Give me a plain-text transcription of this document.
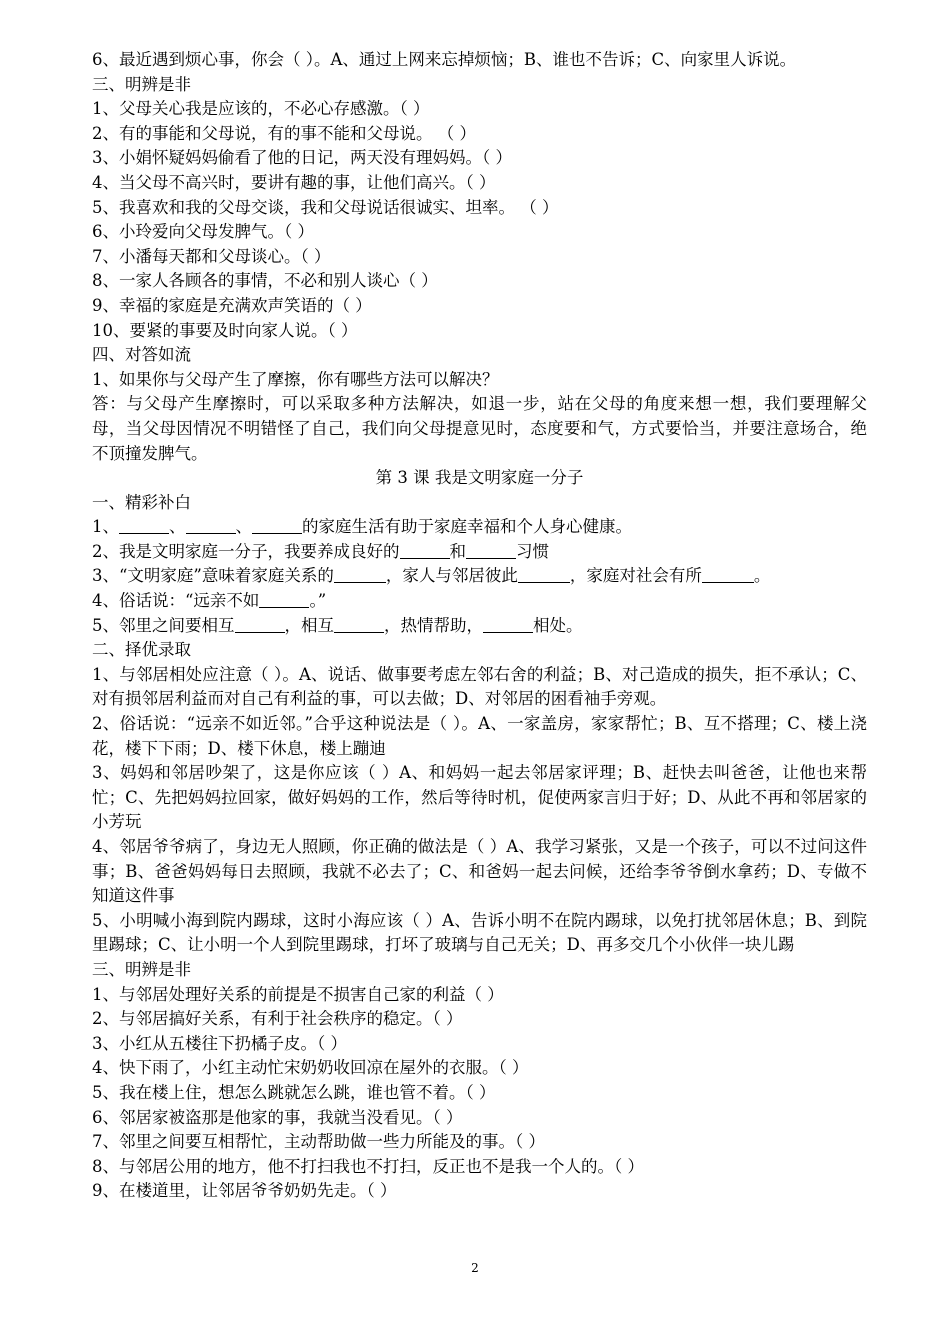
6、最近遇到烦心事，你会（ ）。A、通过上网来忘掉烦恼；B、谁也不告诉；C、向家里人诉说。
三、明辨是非
1、父母关心我是应该的，不必心存感激。（ ）
2、有的事能和父母说，有的事不能和父母说。 （ ）
3、小娟怀疑妈妈偷看了他的日记，两天没有理妈妈。（ ）
4、当父母不高兴时，要讲有趣的事，让他们高兴。（ ）
5、我喜欢和我的父母交谈，我和父母说话很诚实、坦率。 （ ）
6、小玲爱向父母发脾气。（ ）
7、小潘每天都和父母谈心。（ ）
8、一家人各顾各的事情，不必和别人谈心（ ）
9、幸福的家庭是充满欢声笑语的（ ）
10、要紧的事要及时向家人说。（ ）
四、对答如流
1、如果你与父母产生了摩擦，你有哪些方法可以解决？
答：与父母产生摩擦时，可以采取多种方法解决，如退一步，站在父母的角度来想一想，我们要理解父母，当父母因情况不明错怪了自己，我们向父母提意见时，态度要和气，方式要恰当，并要注意场合，绝不顶撞发脾气。
第 3 课 我是文明家庭一分子
一、精彩补白
1、	、	、	的家庭生活有助于家庭幸福和个人身心健康。
2、我是文明家庭一分子，我要养成良好的	和	习惯
3、“文明家庭”意味着家庭关系的	，家人与邻居彼此	，家庭对社会有所	。
4、俗话说：“远亲不如	。”
5、邻里之间要相互	，相互	，热情帮助，	相处。
二、择优录取
1、与邻居相处应注意（ ）。A、说话、做事要考虑左邻右舍的利益；B、对己造成的损失，拒不承认；C、对有损邻居利益而对自己有利益的事，可以去做；D、对邻居的困看袖手旁观。
2、俗话说：“远亲不如近邻。”合乎这种说法是（ ）。A、一家盖房，家家帮忙；B、互不搭理；C、楼上浇花，楼下下雨；D、楼下休息，楼上蹦迪
3、妈妈和邻居吵架了，这是你应该（ ）A、和妈妈一起去邻居家评理；B、赶快去叫爸爸，让他也来帮忙；C、先把妈妈拉回家，做好妈妈的工作，然后等待时机，促使两家言归于好；D、从此不再和邻居家的小芳玩
4、邻居爷爷病了，身边无人照顾，你正确的做法是（ ）A、我学习紧张，又是一个孩子，可以不过问这件事；B、爸爸妈妈每日去照顾，我就不必去了；C、和爸妈一起去问候，还给李爷爷倒水拿药；D、专做不知道这件事
5、小明喊小海到院内踢球，这时小海应该（ ）A、告诉小明不在院内踢球，以免打扰邻居休息；B、到院里踢球；C、让小明一个人到院里踢球，打坏了玻璃与自己无关；D、再多交几个小伙伴一块儿踢
三、明辨是非
1、与邻居处理好关系的前提是不损害自己家的利益（ ）
2、与邻居搞好关系，有利于社会秩序的稳定。（ ）
3、小红从五楼往下扔橘子皮。（ ）
4、快下雨了，小红主动忙宋奶奶收回凉在屋外的衣服。（ ）
5、我在楼上住，想怎么跳就怎么跳，谁也管不着。（ ）
6、邻居家被盗那是他家的事，我就当没看见。（ ）
7、邻里之间要互相帮忙，主动帮助做一些力所能及的事。（ ）
8、与邻居公用的地方，他不打扫我也不打扫，反正也不是我一个人的。（ ）
9、在楼道里，让邻居爷爷奶奶先走。（ ）
2
